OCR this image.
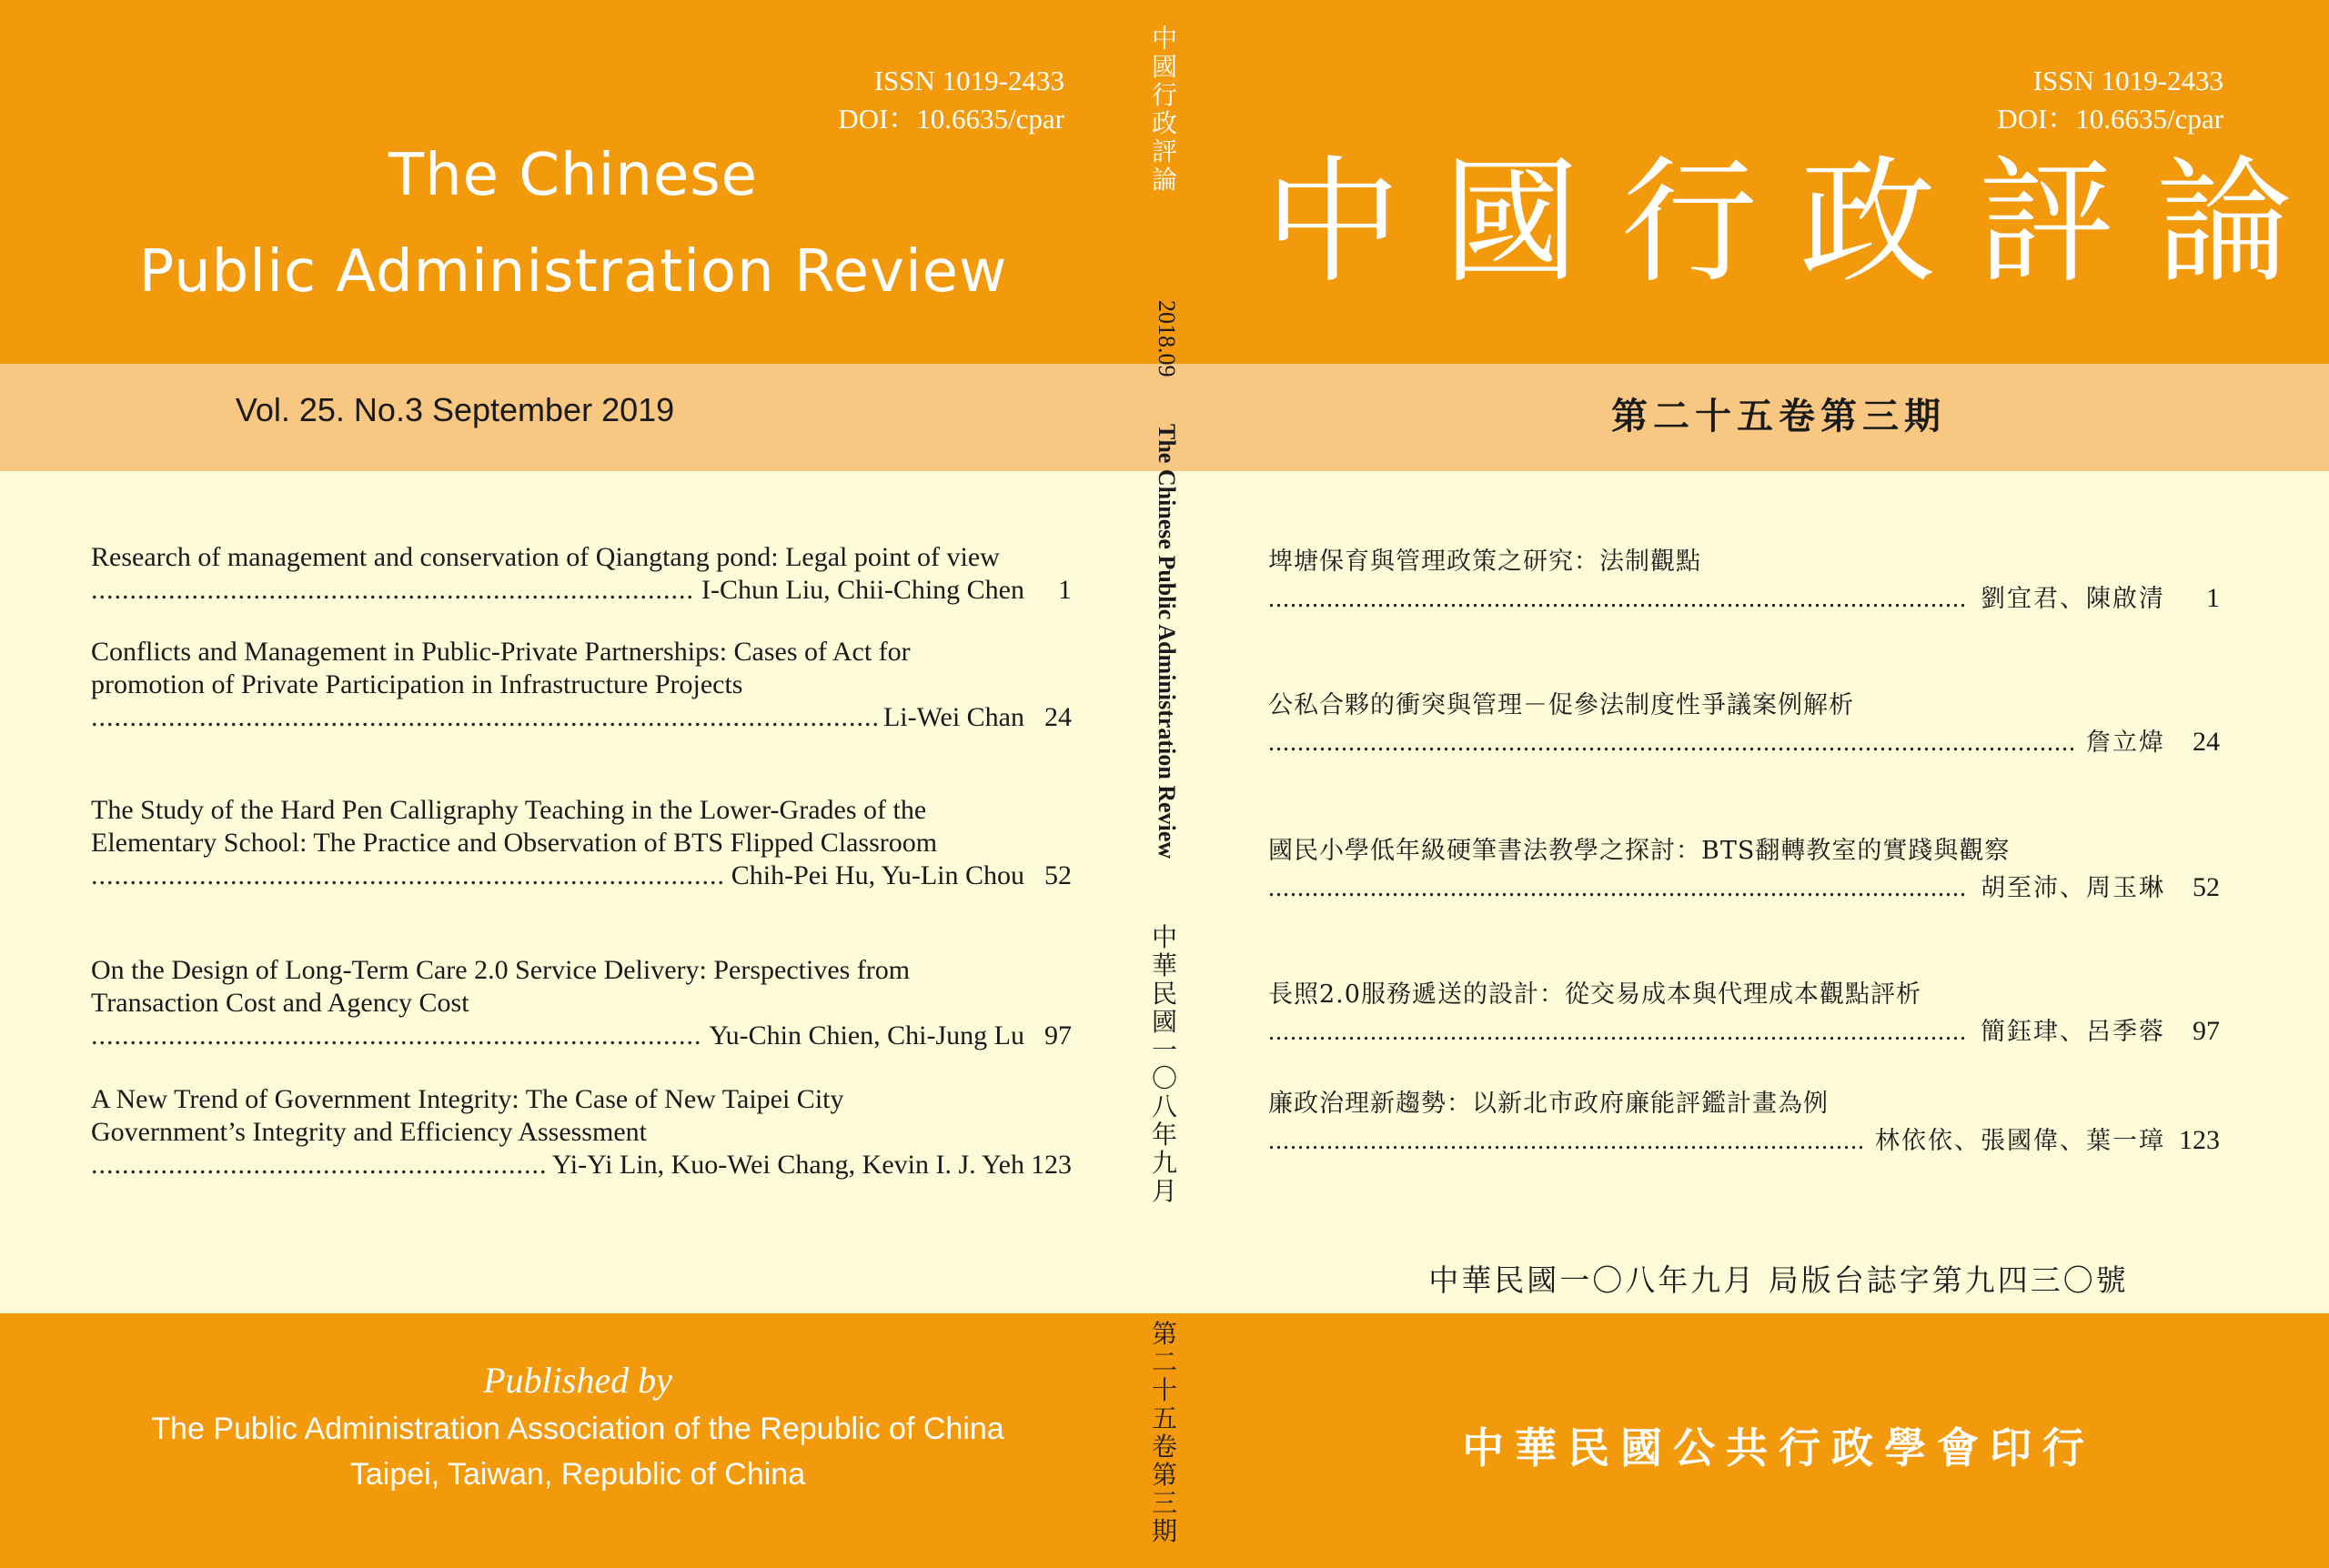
ISSN 1019-2433
DOI：10.6635/cpar
The Chinese
Public Administration Review
Vol. 25. No.3 September 2019
Research of management and conservation of Qiangtang pond: Legal point of view
.....
I-Chun Liu, Chii-Ching Chen	1
Conflicts and Management in Public-Private Partnerships: Cases of Act for
promotion of Private Participation in Infrastructure Projects
.....
Li-Wei Chan 24
The Study of the Hard Pen Calligraphy Teaching in the Lower-Grades of the
Elementary School: The Practice and Observation of BTS Flipped Classroom
.....
Chih-Pei Hu, Yu-Lin Chou 52
On the Design of Long-Term Care 2.0 Service Delivery: Perspectives from
Transaction Cost and Agency Cost
.....
Yu-Chin Chien, Chi-Jung Lu 97
A New Trend of Government Integrity: The Case of New Taipei City
Government’s Integrity and Efficiency Assessment
.....
Yi-Yi Lin, Kuo-Wei Chang, Kevin I. J. Yeh 123
Published by
The Public Administration Association of the Republic of China
Taipei, Taiwan, Republic of China
中
國
行
政
評
論
2018.09
The Chinese Public Administration Review
中
華
民
國
一
〇
八
年
九
月
第
二
十
五
卷
第
三
期
ISSN 1019-2433
DOI：10.6635/cpar
中 國 行 政 評 論
第二十五卷第三期
埤塘保育與管理政策之研究：法制觀點
.....
劉宜君、陳啟清	1
公私合夥的衝突與管理－促參法制度性爭議案例解析
.....
詹立煒	24
國民小學低年級硬筆書法教學之探討：BTS翻轉教室的實踐與觀察
.....
胡至沛、周玉琳	52
長照2.0服務遞送的設計：從交易成本與代理成本觀點評析
.....
簡鈺珒、呂季蓉	97
廉政治理新趨勢：以新北市政府廉能評鑑計畫為例
.....
林依依、張國偉、葉一璋 123
中華民國一〇八年九月 局版台誌字第九四三〇號
中華民國公共行政學會印行
